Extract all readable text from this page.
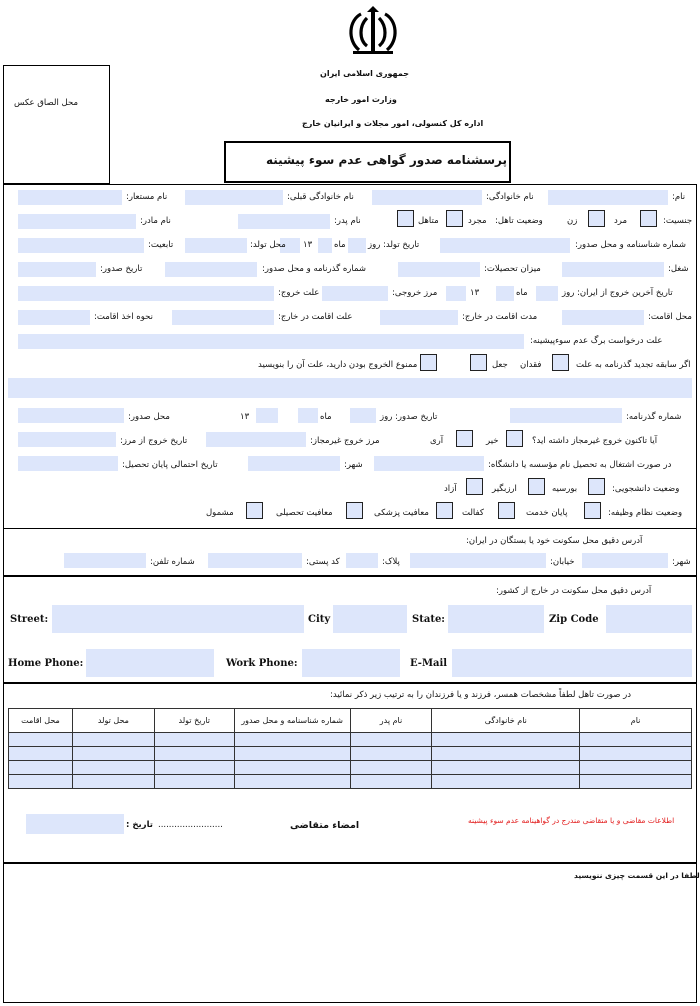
جمهوری اسلامی ایران
وزارت امور خارجه
اداره کل کنسولی، امور مجلات و ایرانیان خارج
محل الصاق عکس
پرسشنامه صدور گواهی عدم سوء پیشینه
نام:
نام خانوادگی:
نام خانوادگی قبلی:
نام مستعار:
جنسیت:
مرد
زن
وضعیت تاهل:
مجرد
متاهل
نام پدر:
نام مادر:
شماره شناسنامه و محل صدور:
تاریخ تولد: روز
ماه
۱۳
محل تولد:
تابعیت:
شغل:
میزان تحصیلات:
شماره گذرنامه و محل صدور:
تاریخ صدور:
تاریخ آخرین خروج از ایران: روز
ماه
۱۳
مرز خروجی:
علت خروج:
محل اقامت:
مدت اقامت در خارج:
علت اقامت در خارج:
نحوه اخذ اقامت:
علت درخواست برگ عدم سوءپیشینه:
اگر سابقه تجدید گذرنامه به علت
فقدان
جعل
ممنوع الخروج بودن دارید، علت آن را بنویسید
شماره گذرنامه:
تاریخ صدور: روز
ماه
۱۳
محل صدور:
آیا تاکنون خروج غیرمجاز داشته اید؟
خیر
آری
مرز خروج غیرمجاز:
تاریخ خروج از مرز:
در صورت اشتغال به تحصیل نام مؤسسه یا دانشگاه:
شهر:
تاریخ احتمالی پایان تحصیل:
وضعیت دانشجویی:
بورسیه
ارزبگیر
آزاد
وضعیت نظام وظیفه:
پایان خدمت
کفالت
معافیت پزشکی
معافیت تحصیلی
مشمول
آدرس دقیق محل سکونت خود یا بستگان در ایران:
شهر:
خیابان:
پلاک:
کد پستی:
شماره تلفن:
آدرس دقیق محل سکونت در خارج از کشور:
Street:	City	State:	Zip Code
Home Phone:	Work Phone:	E-Mail
در صورت تاهل لطفاً مشخصات همسر، فرزند و یا فرزندان را به ترتیب زیر ذکر نمائید:
نام	نام خانوادگی	نام پدر	شماره شناسنامه و محل صدور	تاریخ تولد	محل تولد	محل اقامت

اطلاعات مقاضی و یا متقاضی مندرج در گواهینامه عدم سوء پیشینه
امضاء متقاضی
........................
تاریخ :
لطفا در این قسمت چیزی ننویسید
